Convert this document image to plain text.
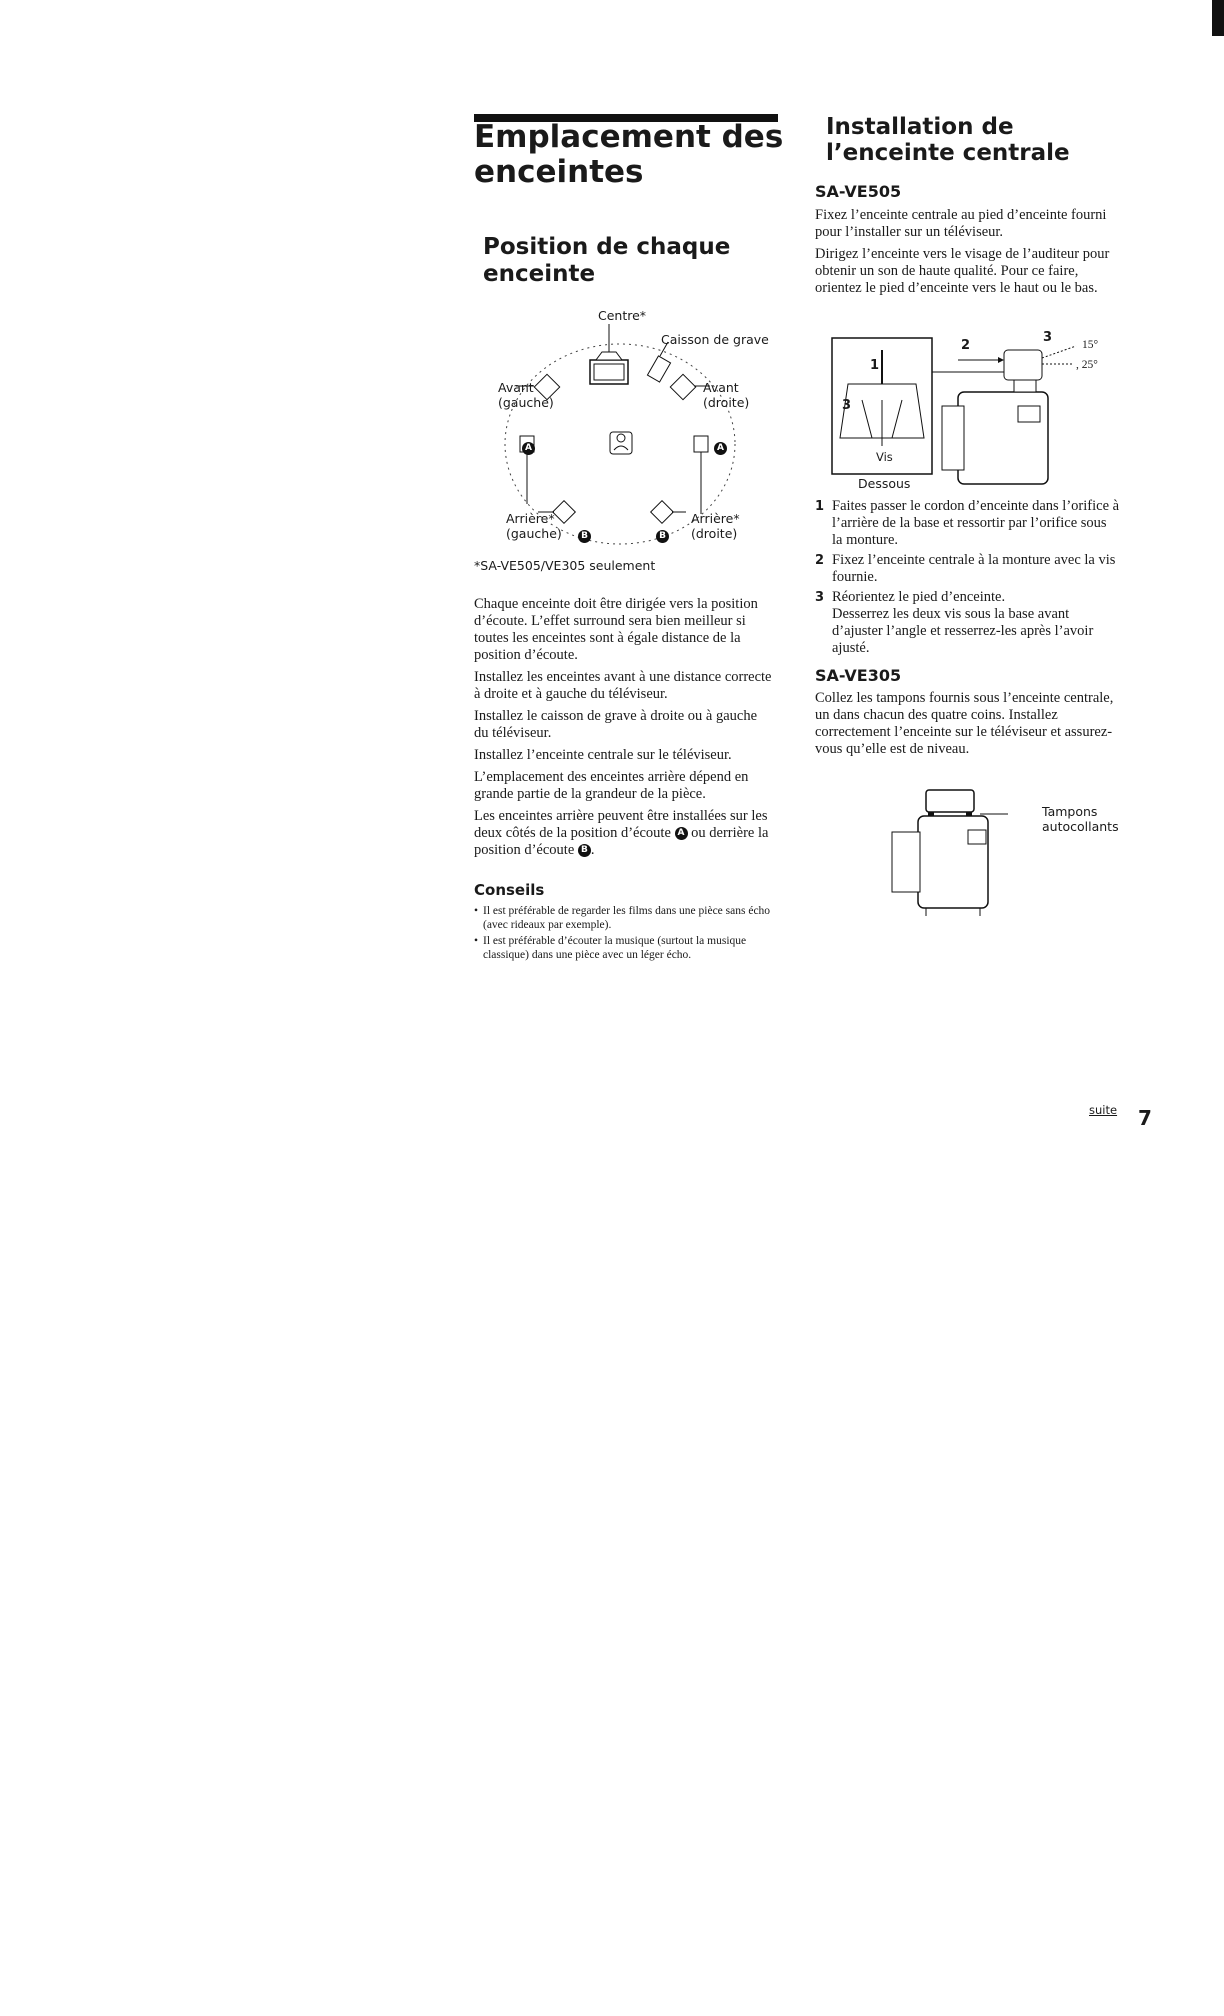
Emplacement des enceintes
Position de chaque enceinte
Centre*
Caisson de grave
Avant
(gauche)
Avant
(droite)
Arrière*
(gauche)
Arrière*
(droite)
A	A
B	B
*SA-VE505/VE305 seulement

Chaque enceinte doit être dirigée vers la position d’écoute. L’effet surround sera bien meilleur si toutes les enceintes sont à égale distance de la position d’écoute.

Installez les enceintes avant à une distance correcte à droite et à gauche du téléviseur.

Installez le caisson de grave à droite ou à gauche du téléviseur.

Installez l’enceinte centrale sur le téléviseur.

L’emplacement des enceintes arrière dépend en grande partie de la grandeur de la pièce.

Les enceintes arrière peuvent être installées sur les deux côtés de la position d’écoute A ou derrière la position d’écoute B .

Conseils
• Il est préférable de regarder les films dans une pièce sans écho (avec rideaux par exemple).
• Il est préférable d’écouter la musique (surtout la musique classique) dans une pièce avec un léger écho.
Installation de l’enceinte centrale
SA-VE505

Fixez l’enceinte centrale au pied d’enceinte fourni pour l’installer sur un téléviseur.

Dirigez l’enceinte vers le visage de l’auditeur pour obtenir un son de haute qualité. Pour ce faire, orientez le pied d’enceinte vers le haut ou le bas.

1
2
3
3
15°
, 25°
Vis
Dessous
1 Faites passer le cordon d’enceinte dans l’orifice à l’arrière de la base et ressortir par l’orifice sous la monture.
2 Fixez l’enceinte centrale à la monture avec la vis fournie.
3 Réorientez le pied d’enceinte.
Desserrez les deux vis sous la base avant d’ajuster l’angle et resserrez-les après l’avoir ajusté.
SA-VE305

Collez les tampons fournis sous l’enceinte centrale, un dans chacun des quatre coins. Installez correctement l’enceinte sur le téléviseur et assurez-vous qu’elle est de niveau.

Tampons
autocollants
suite 7
